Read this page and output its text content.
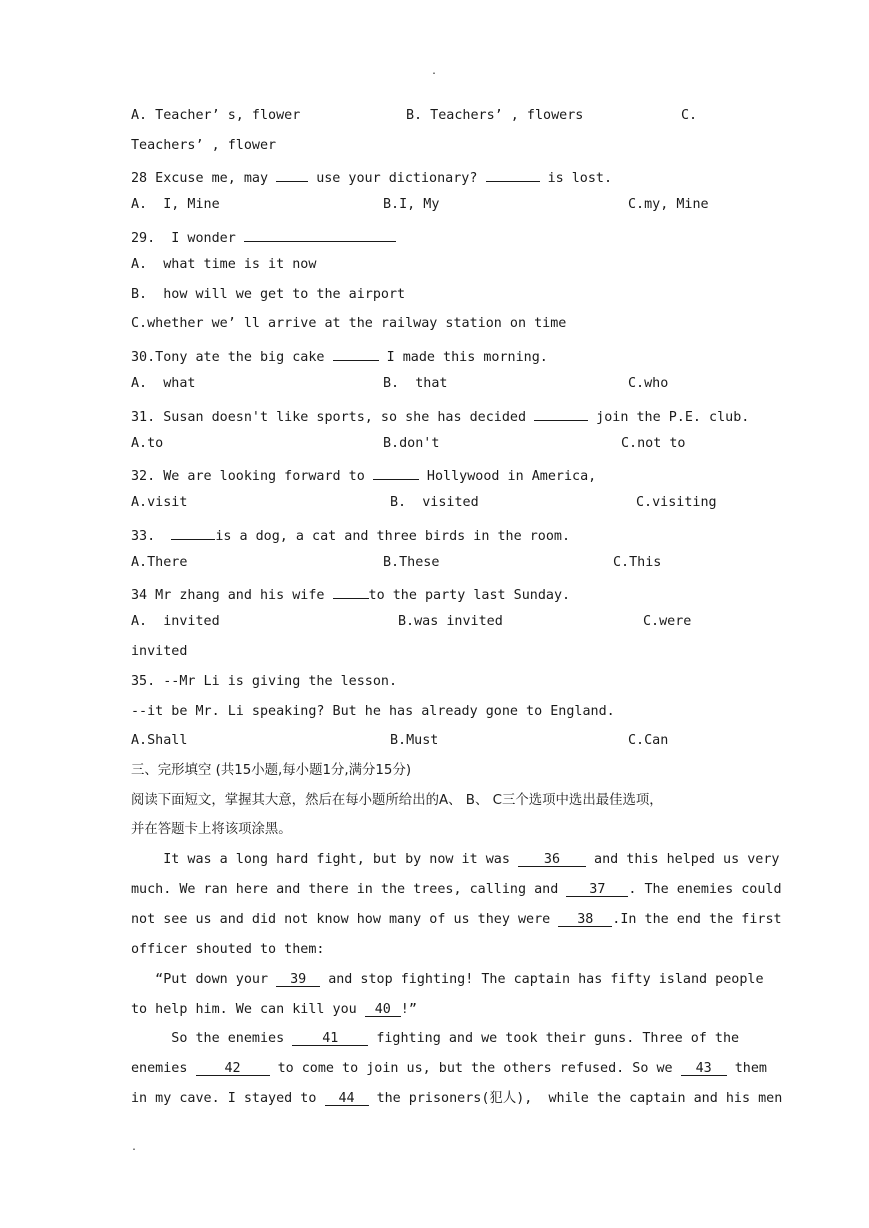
.
A. Teacher’ s, flower	B. Teachers’ , flowers	C.
Teachers’ , flower
28 Excuse me, may	use your dictionary?	is lost.
A.  I, Mine	B.I, My	C.my, Mine
29.  I wonder
A.  what time is it now
B.  how will we get to the airport
C.whether we’ ll arrive at the railway station on time
30.Tony ate the big cake	I made this morning.
A.  what	B.  that	C.who
31. Susan doesn't like sports, so she has decided	join the P.E. club.
A.to	B.don't	C.not to
32. We are looking forward to	Hollywood in America,
A.visit	B.  visited	C.visiting
33.	is a dog, a cat and three birds in the room.
A.There	B.These	C.This
34 Mr zhang and his wife	to the party last Sunday.
A.  invited	B.was invited	C.were
invited
35. --Mr Li is giving the lesson.
--it be Mr. Li speaking? But he has already gone to England.
A.Shall	B.Must	C.Can
三、完形填空 (共15小题,每小题1分,满分15分)
阅读下面短文，掌握其大意，然后在每小题所给出的A、 B、 C三个选项中选出最佳选项，
并在答题卡上将该项涂黑。
It was a long hard fight, but by now it was	36	and this helped us very
much. We ran here and there in the trees, calling and 37 . The enemies could
not see us and did not know how many of us they were 38 .In the end the first
officer shouted to them:
“Put down your 39 and stop fighting! The captain has fifty island people
to help him. We can kill you 40 !”
So the enemies	41	fighting and we took their guns. Three of the
enemies	42	to come to join us, but the others refused. So we 43 them
in my cave. I stayed to 44 the prisoners(犯人),  while the captain and his men
.
